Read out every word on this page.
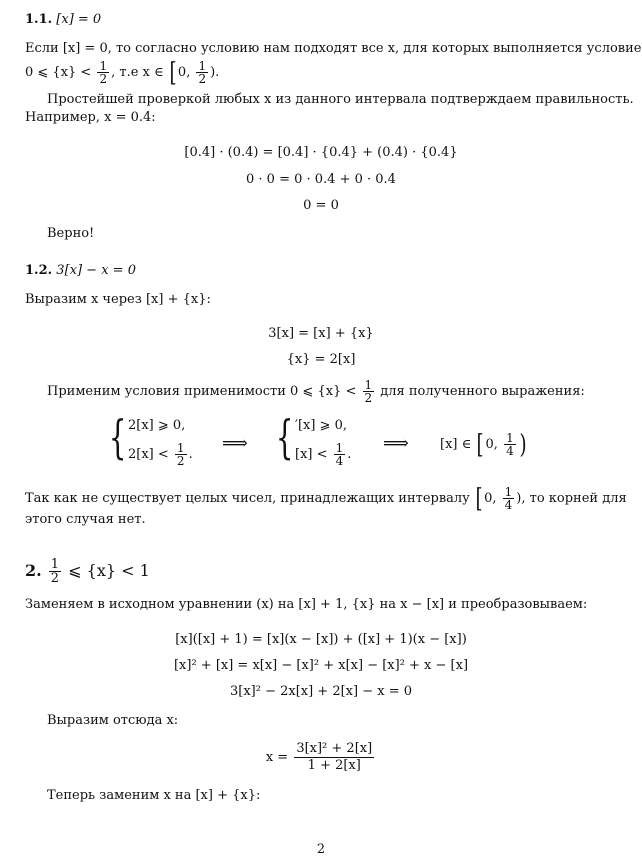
1.1. [x] = 0
Если [x] = 0, то согласно условию нам подходят все x, для которых выполняется условие
0 ⩽ $\{x\} < \frac{1}{2}$ , т.е x ∈ [ 0, $\frac{1}{2}$ ).
Простейшей проверкой любых x из данного интервала подтверждаем правильность.
Например, x = 0.4:
[0.4] · (0.4) = [0.4] · {0.4} + (0.4) · {0.4}
0 · 0 = 0 · 0.4 + 0 · 0.4
0 = 0
Верно!
1.2. 3[x] − x = 0
Выразим x через [x] + {x}:
3[x] = [x] + {x}
{x} = 2[x]
Применим условия применимости 0 ⩽ $\{x\} < \frac{1}{2}$ для полученного выражения:
{ 2[x] ⩾ 0,
$2[x] < \frac{1}{2}$ .
⟹ { ′[x] ⩾ 0,
$[x] < \frac{1}{4}$ .
⟹ [x] ∈ [ 0, $\frac{1}{4}$ )
Так как не существует целых чисел, принадлежащих интервалу [ 0, $\frac{1}{4}$ ), то корней для
этого случая нет.
2. $\frac{1}{2}$ ⩽ {x} < 1
Заменяем в исходном уравнении (x) на [x] + 1, {x} на x − [x] и преобразовываем:
[x]([x] + 1) = [x](x − [x]) + ([x] + 1)(x − [x])
[x]² + [x] = x[x] − [x]² + x[x] − [x]² + x − [x]
3[x]² − 2x[x] + 2[x] − x = 0
Выразим отсюда x:
$x = \frac{\text{3[x]² + 2[x]}}{1 + 2[x]}$
Теперь заменим x на [x] + {x}:
2
